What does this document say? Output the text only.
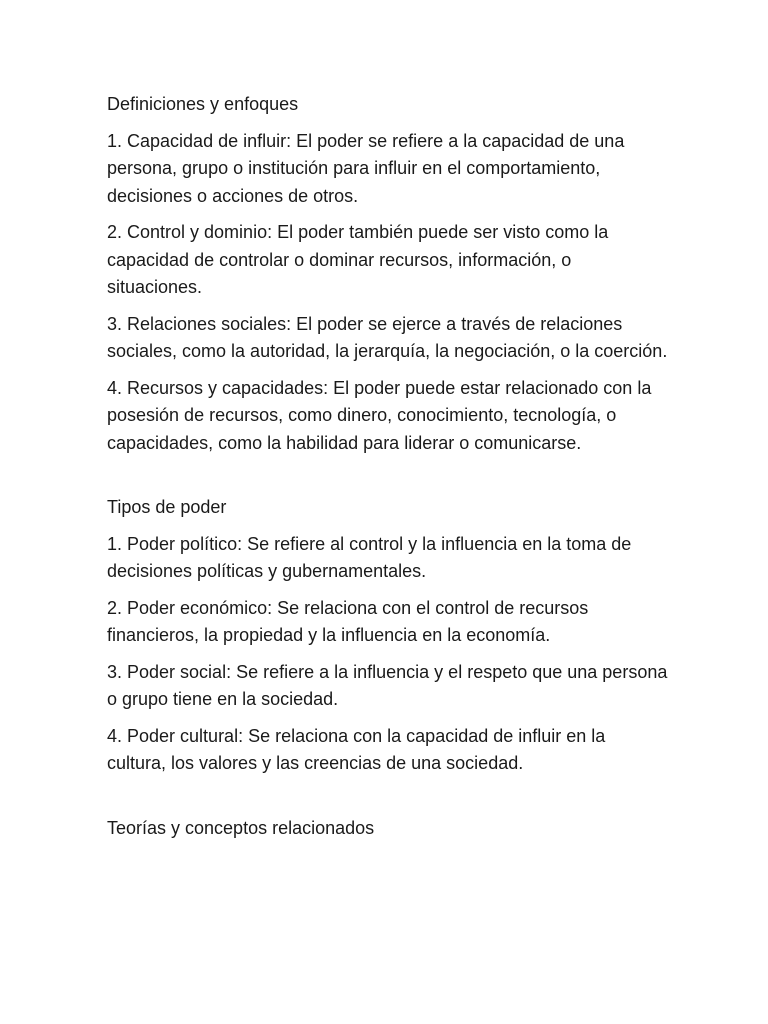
Definiciones y enfoques

1. Capacidad de influir: El poder se refiere a la capacidad de una persona, grupo o institución para influir en el comportamiento, decisiones o acciones de otros.

2. Control y dominio: El poder también puede ser visto como la capacidad de controlar o dominar recursos, información, o situaciones.

3. Relaciones sociales: El poder se ejerce a través de relaciones sociales, como la autoridad, la jerarquía, la negociación, o la coerción.

4. Recursos y capacidades: El poder puede estar relacionado con la posesión de recursos, como dinero, conocimiento, tecnología, o capacidades, como la habilidad para liderar o comunicarse.

Tipos de poder

1. Poder político: Se refiere al control y la influencia en la toma de decisiones políticas y gubernamentales.

2. Poder económico: Se relaciona con el control de recursos financieros, la propiedad y la influencia en la economía.

3. Poder social: Se refiere a la influencia y el respeto que una persona o grupo tiene en la sociedad.

4. Poder cultural: Se relaciona con la capacidad de influir en la cultura, los valores y las creencias de una sociedad.

Teorías y conceptos relacionados
